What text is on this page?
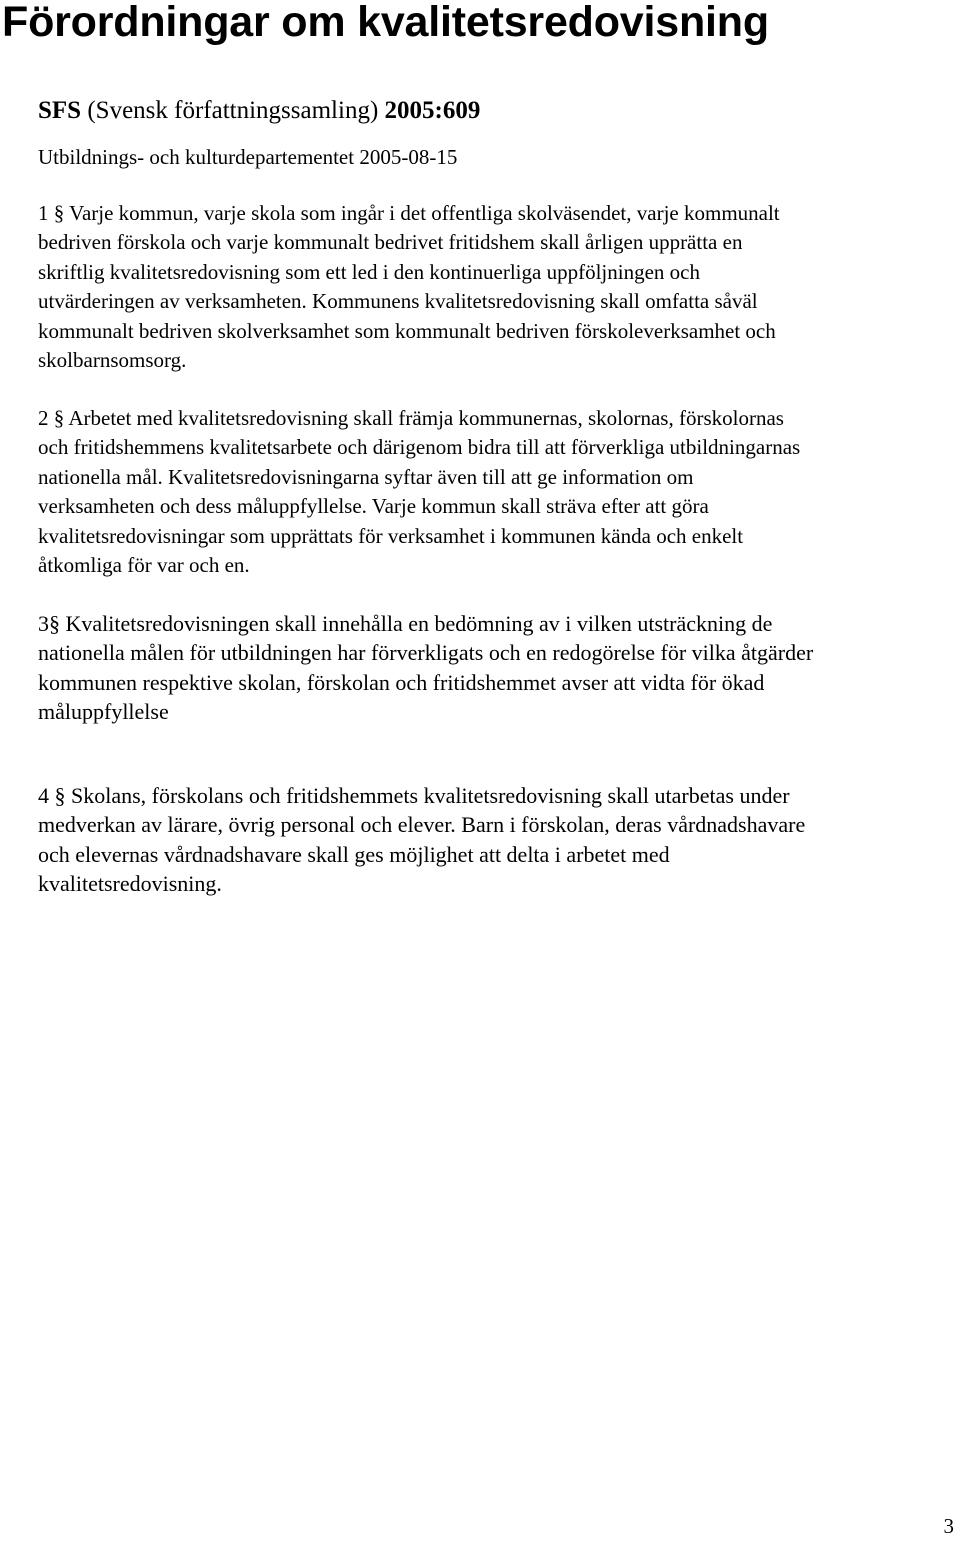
Förordningar om kvalitetsredovisning

SFS (Svensk författningssamling) 2005:609

Utbildnings- och kulturdepartementet 2005-08-15

1 § Varje kommun, varje skola som ingår i det offentliga skolväsendet, varje kommunalt
bedriven förskola och varje kommunalt bedrivet fritidshem skall årligen upprätta en
skriftlig kvalitetsredovisning som ett led i den kontinuerliga uppföljningen och
utvärderingen av verksamheten. Kommunens kvalitetsredovisning skall omfatta såväl
kommunalt bedriven skolverksamhet som kommunalt bedriven förskoleverksamhet och
skolbarnsomsorg.
2 § Arbetet med kvalitetsredovisning skall främja kommunernas, skolornas, förskolornas
och fritidshemmens kvalitetsarbete och därigenom bidra till att förverkliga utbildningarnas
nationella mål. Kvalitetsredovisningarna syftar även till att ge information om
verksamheten och dess måluppfyllelse. Varje kommun skall sträva efter att göra
kvalitetsredovisningar som upprättats för verksamhet i kommunen kända och enkelt
åtkomliga för var och en.
3§ Kvalitetsredovisningen skall innehålla en bedömning av i vilken utsträckning de
nationella målen för utbildningen har förverkligats och en redogörelse för vilka åtgärder
kommunen respektive skolan, förskolan och fritidshemmet avser att vidta för ökad
måluppfyllelse
4 § Skolans, förskolans och fritidshemmets kvalitetsredovisning skall utarbetas under
medverkan av lärare, övrig personal och elever. Barn i förskolan, deras vårdnadshavare
och elevernas vårdnadshavare skall ges möjlighet att delta i arbetet med
kvalitetsredovisning.

3
